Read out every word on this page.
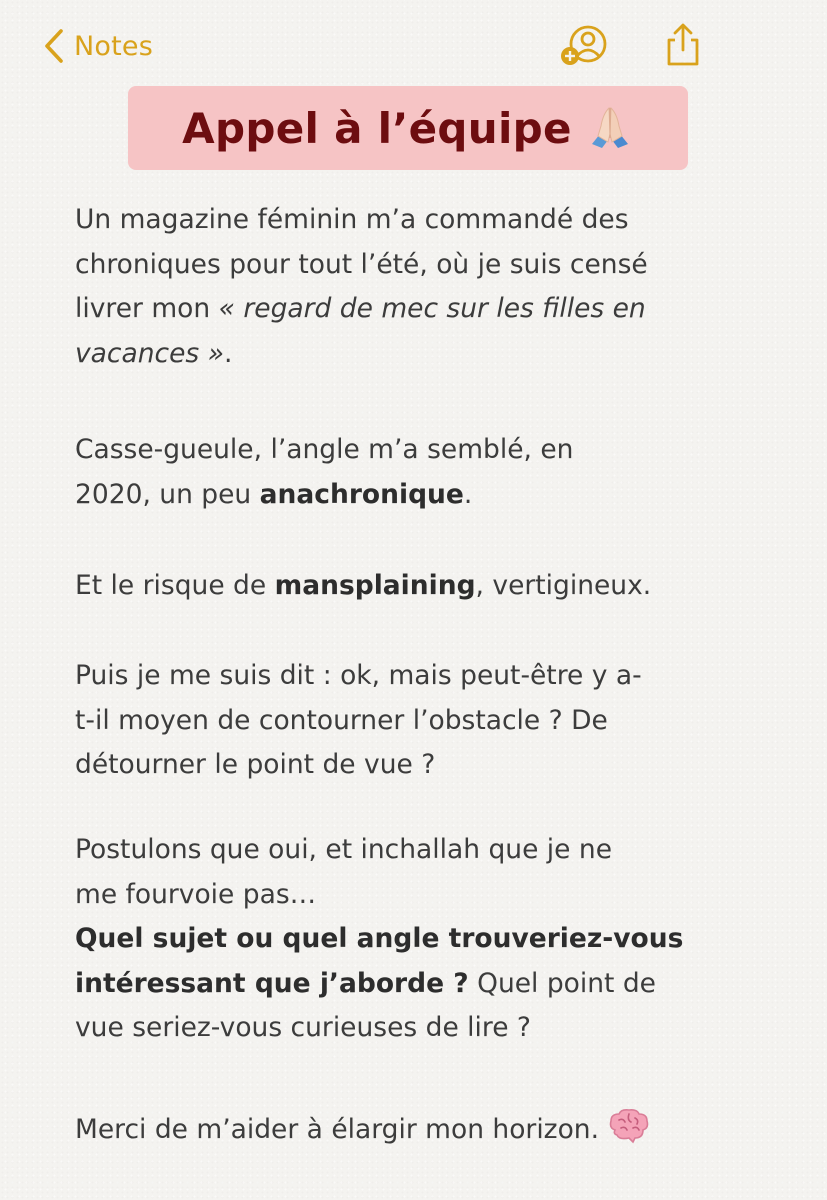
Notes
Appel à l’équipe
Un magazine féminin m’a commandé des
chroniques pour tout l’été, où je suis censé
livrer mon « regard de mec sur les filles en
vacances ».
Casse-gueule, l’angle m’a semblé, en
2020, un peu anachronique.
Et le risque de mansplaining, vertigineux.
Puis je me suis dit : ok, mais peut-être y a-
t-il moyen de contourner l’obstacle ? De
détourner le point de vue ?
Postulons que oui, et inchallah que je ne
me fourvoie pas…
Quel sujet ou quel angle trouveriez-vous
intéressant que j’aborde ? Quel point de
vue seriez-vous curieuses de lire ?
Merci de m’aider à élargir mon horizon.
